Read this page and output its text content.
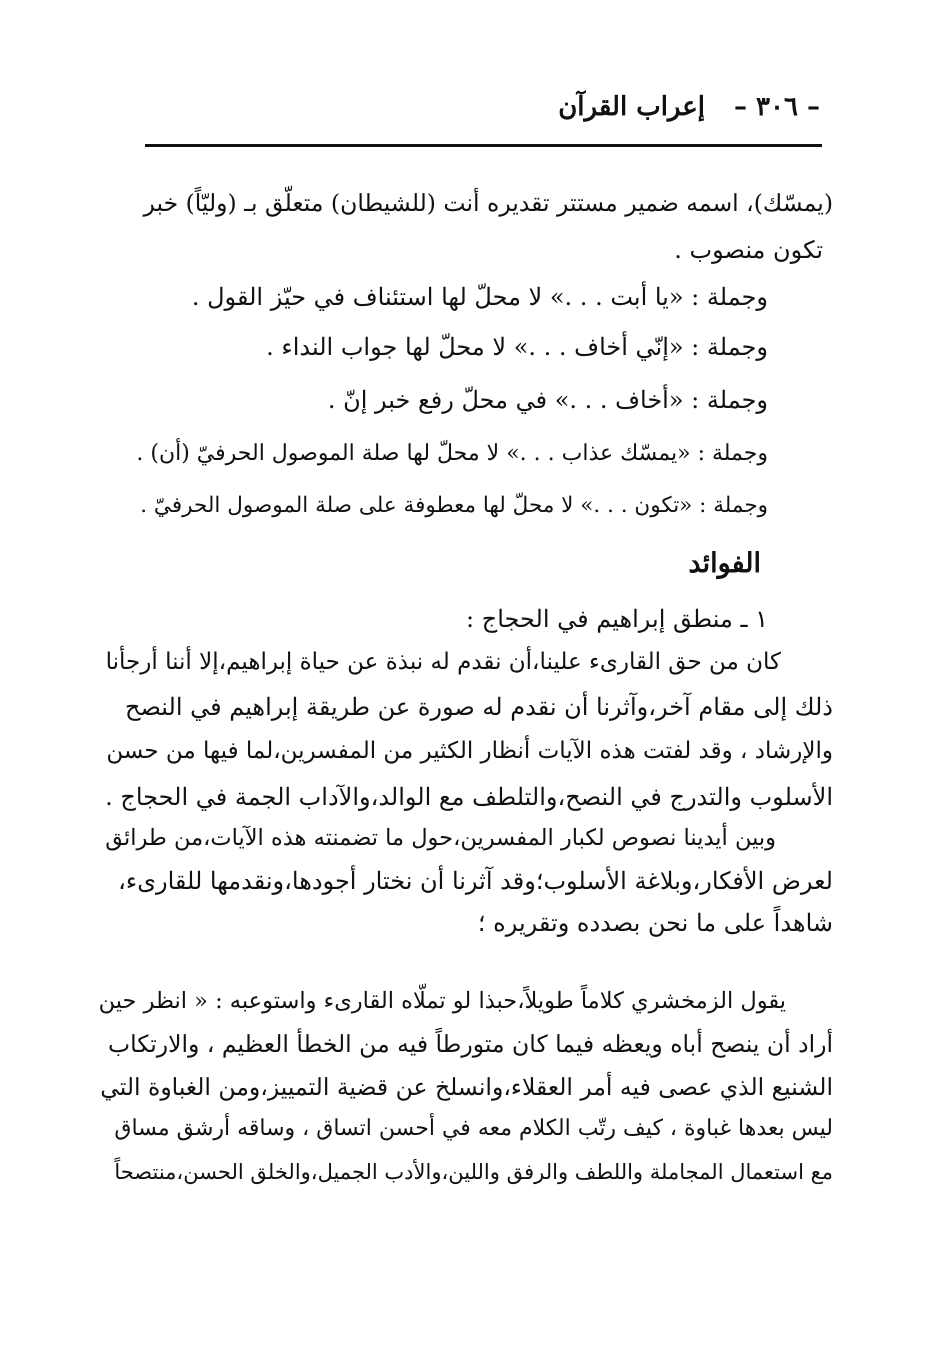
– ٣٠٦ –
إعراب القرآن
(يمسّك)، اسمه ضمير مستتر تقديره أنت (للشيطان) متعلّق بـ (وليّاً) خبر
تكون منصوب .
وجملة : «يا أبت . . .» لا محلّ لها استئناف في حيّز القول .
وجملة : «إنّي أخاف . . .» لا محلّ لها جواب النداء .
وجملة : «أخاف . . .» في محلّ رفع خبر إنّ .
وجملة : «يمسّك عذاب . . .» لا محلّ لها صلة الموصول الحرفيّ (أن) .
وجملة : «تكون . . .» لا محلّ لها معطوفة على صلة الموصول الحرفيّ .
الفوائد
١ ـ منطق إبراهيم في الحجاج :
كان من حق القارىء علينا،أن نقدم له نبذة عن حياة إبراهيم،إلا أننا أرجأنا
ذلك إلى مقام آخر،وآثرنا أن نقدم له صورة عن طريقة إبراهيم في النصح
والإرشاد ، وقد لفتت هذه الآيات أنظار الكثير من المفسرين،لما فيها من حسن
الأسلوب والتدرج في النصح،والتلطف مع الوالد،والآداب الجمة في الحجاج .
وبين أيدينا نصوص لكبار المفسرين،حول ما تضمنته هذه الآيات،من طرائق
لعرض الأفكار،وبلاغة الأسلوب؛وقد آثرنا أن نختار أجودها،ونقدمها للقارىء،
شاهداً على ما نحن بصدده وتقريره ؛
يقول الزمخشري كلاماً طويلاً،حبذا لو تملّاه القارىء واستوعبه : « انظر حين
أراد أن ينصح أباه ويعظه فيما كان متورطاً فيه من الخطأ العظيم ، والارتكاب
الشنيع الذي عصى فيه أمر العقلاء،وانسلخ عن قضية التمييز،ومن الغباوة التي
ليس بعدها غباوة ، كيف رتّب الكلام معه في أحسن اتساق ، وساقه أرشق مساق
مع استعمال المجاملة واللطف والرفق واللين،والأدب الجميل،والخلق الحسن،منتصحاً
